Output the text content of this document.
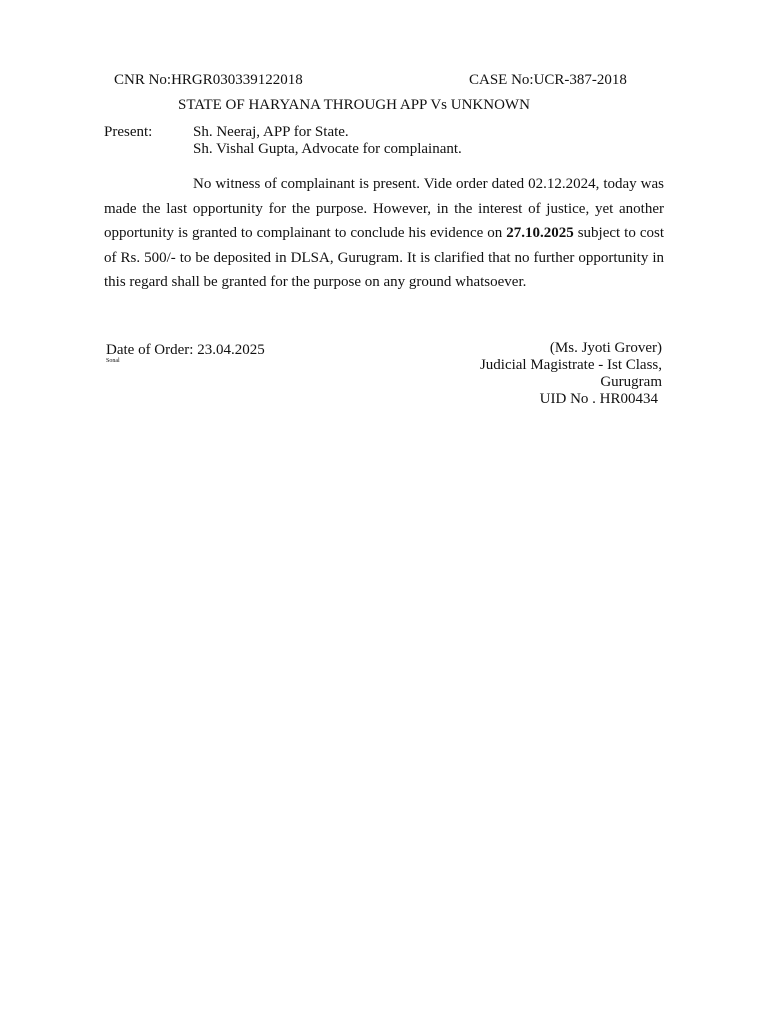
CNR No:HRGR030339122018	CASE No:UCR-387-2018
STATE OF HARYANA THROUGH APP Vs UNKNOWN
Present:	Sh. Neeraj, APP for State.
Sh. Vishal Gupta, Advocate for complainant.

No witness of complainant is present. Vide order dated 02.12.2024, today was made the last opportunity for the purpose. However, in the interest of justice, yet another opportunity is granted to complainant to conclude his evidence on 27.10.2025 subject to cost of Rs. 500/- to be deposited in DLSA, Gurugram. It is clarified that no further opportunity in this regard shall be granted for the purpose on any ground whatsoever.

Date of Order: 23.04.2025
Sonal
(Ms. Jyoti Grover)
Judicial Magistrate - Ist Class,
Gurugram
UID No . HR00434
